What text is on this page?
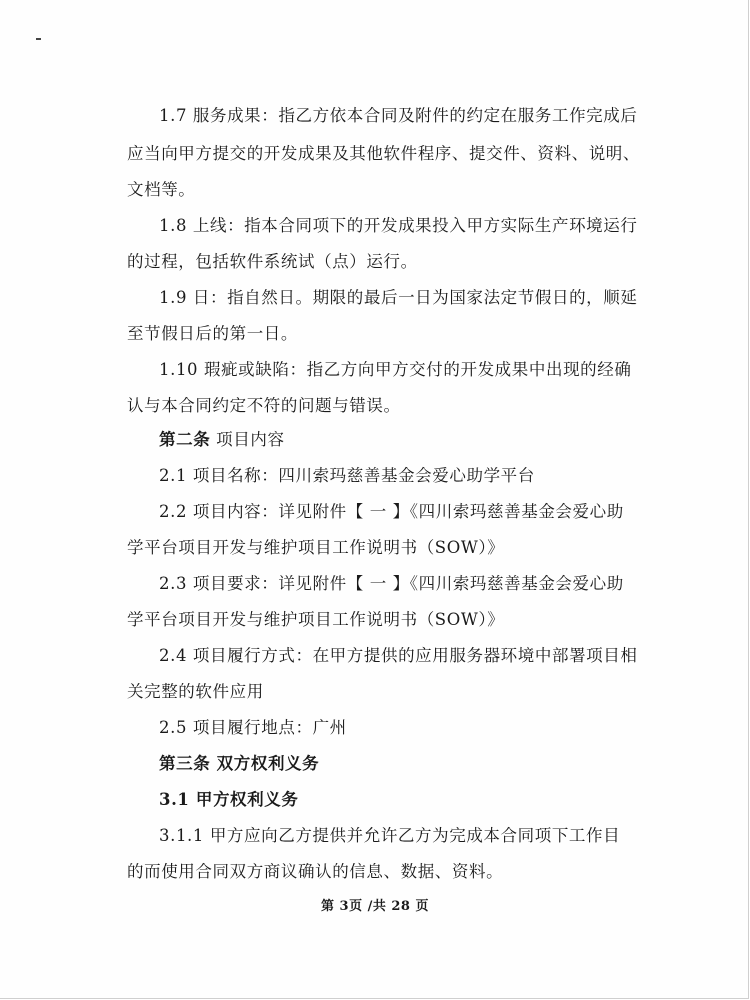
1.7 服务成果：指乙方依本合同及附件的约定在服务工作完成后
应当向甲方提交的开发成果及其他软件程序、提交件、资料、说明、
文档等。
1.8 上线：指本合同项下的开发成果投入甲方实际生产环境运行
的过程，包括软件系统试（点）运行。
1.9 日：指自然日。期限的最后一日为国家法定节假日的，顺延
至节假日后的第一日。
1.10 瑕疵或缺陷：指乙方向甲方交付的开发成果中出现的经确
认与本合同约定不符的问题与错误。
第二条 项目内容
2.1 项目名称：四川索玛慈善基金会爱心助学平台
2.2 项目内容：详见附件【 一 】《四川索玛慈善基金会爱心助
学平台项目开发与维护项目工作说明书（SOW）》
2.3 项目要求：详见附件【 一 】《四川索玛慈善基金会爱心助
学平台项目开发与维护项目工作说明书（SOW）》
2.4 项目履行方式：在甲方提供的应用服务器环境中部署项目相
关完整的软件应用
2.5 项目履行地点：广州
第三条 双方权利义务
3.1 甲方权利义务
3.1.1 甲方应向乙方提供并允许乙方为完成本合同项下工作目
的而使用合同双方商议确认的信息、数据、资料。
第 3页 /共 28 页
